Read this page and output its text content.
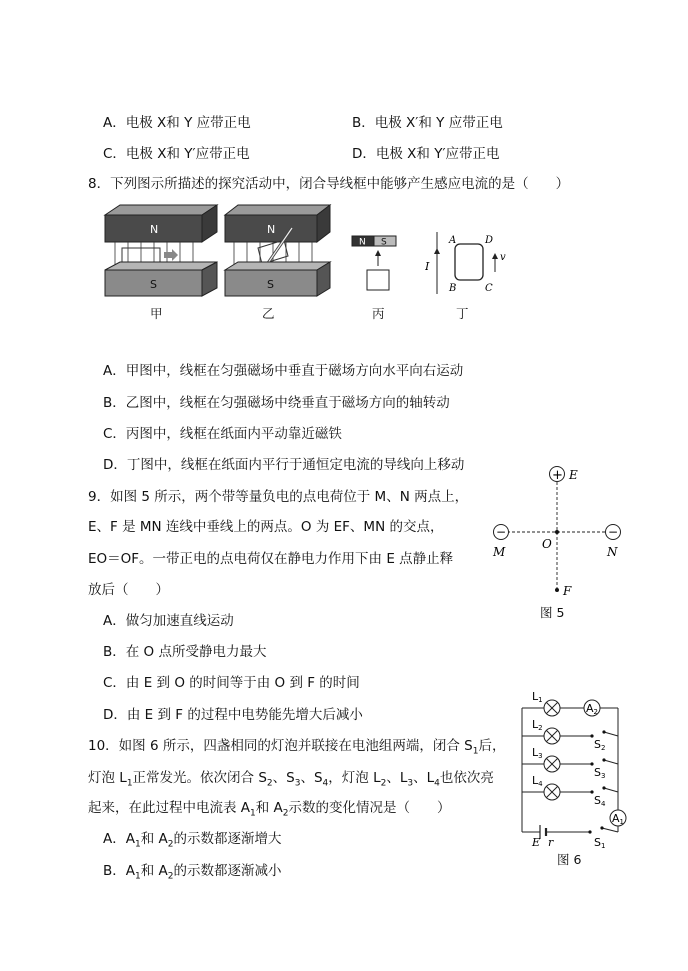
A．电极 X和 Y 应带正电	B．电极 X′和 Y 应带正电
C．电极 X和 Y′应带正电	D．电极 X和 Y′应带正电
8．下列图示所描述的探究活动中，闭合导线框中能够产生感应电流的是（　　）
N
S
甲
N
S
乙
N S
丙
I
A	D
B	C
v
丁
A．甲图中，线框在匀强磁场中垂直于磁场方向水平向右运动
B．乙图中，线框在匀强磁场中绕垂直于磁场方向的轴转动
C．丙图中，线框在纸面内平动靠近磁铁
D．丁图中，线框在纸面内平行于通恒定电流的导线向上移动
9．如图 5 所示，两个带等量负电的点电荷位于 M、N 两点上，
E、F 是 MN 连线中垂线上的两点。O 为 EF、MN 的交点，
EO＝OF。一带正电的点电荷仅在静电力作用下由 E 点静止释
放后（　　）
A．做匀加速直线运动
B．在 O 点所受静电力最大
C．由 E 到 O 的时间等于由 O 到 F 的时间
D．由 E 到 F 的过程中电势能先增大后减小
+ E
−
M
−
N
O
F
图 5
10．如图 6 所示，四盏相同的灯泡并联接在电池组两端，闭合 $S_1$后，
灯泡 $L_1$正常发光。依次闭合 $S_2$、$S_3$、$S_4$，灯泡 $L_2$、$L_3$、$L_4$也依次亮
起来，在此过程中电流表 $A_1$和 $A_2$示数的变化情况是（　　）
A．$A_1$和 $A_2$的示数都逐渐增大
B．$A_1$和 $A_2$的示数都逐渐减小
A2
A1
L1
L2
L3
L4
S2
S3
S4
S1
E r
图 6
